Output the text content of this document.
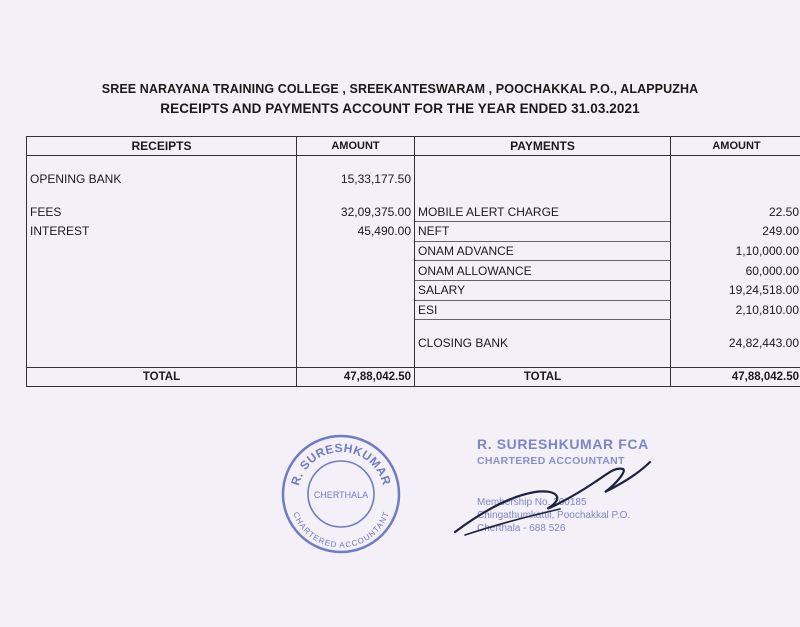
SREE NARAYANA TRAINING COLLEGE , SREEKANTESWARAM , POOCHAKKAL P.O., ALAPPUZHA
RECEIPTS AND PAYMENTS ACCOUNT FOR THE YEAR ENDED 31.03.2021
RECEIPTS	AMOUNT	PAYMENTS	AMOUNT

OPENING BANK	15,33,177.50		

FEES	32,09,375.00	MOBILE ALERT CHARGE	22.50
INTEREST	45,490.00	NEFT	249.00
		ONAM ADVANCE	1,10,000.00
		ONAM ALLOWANCE	60,000.00
		SALARY	19,24,518.00
		ESI	2,10,810.00

		CLOSING BANK	24,82,443.00

TOTAL	47,88,042.50	TOTAL	47,88,042.50
R. SURESHKUMAR
CHERTHALA
CHARTERED ACCOUNTANT
R. SURESHKUMAR FCA
CHARTERED ACCOUNTANT
Membership No. 200185
Chingathumkattil, Poochakkal P.O.
Cherthala - 688 526
